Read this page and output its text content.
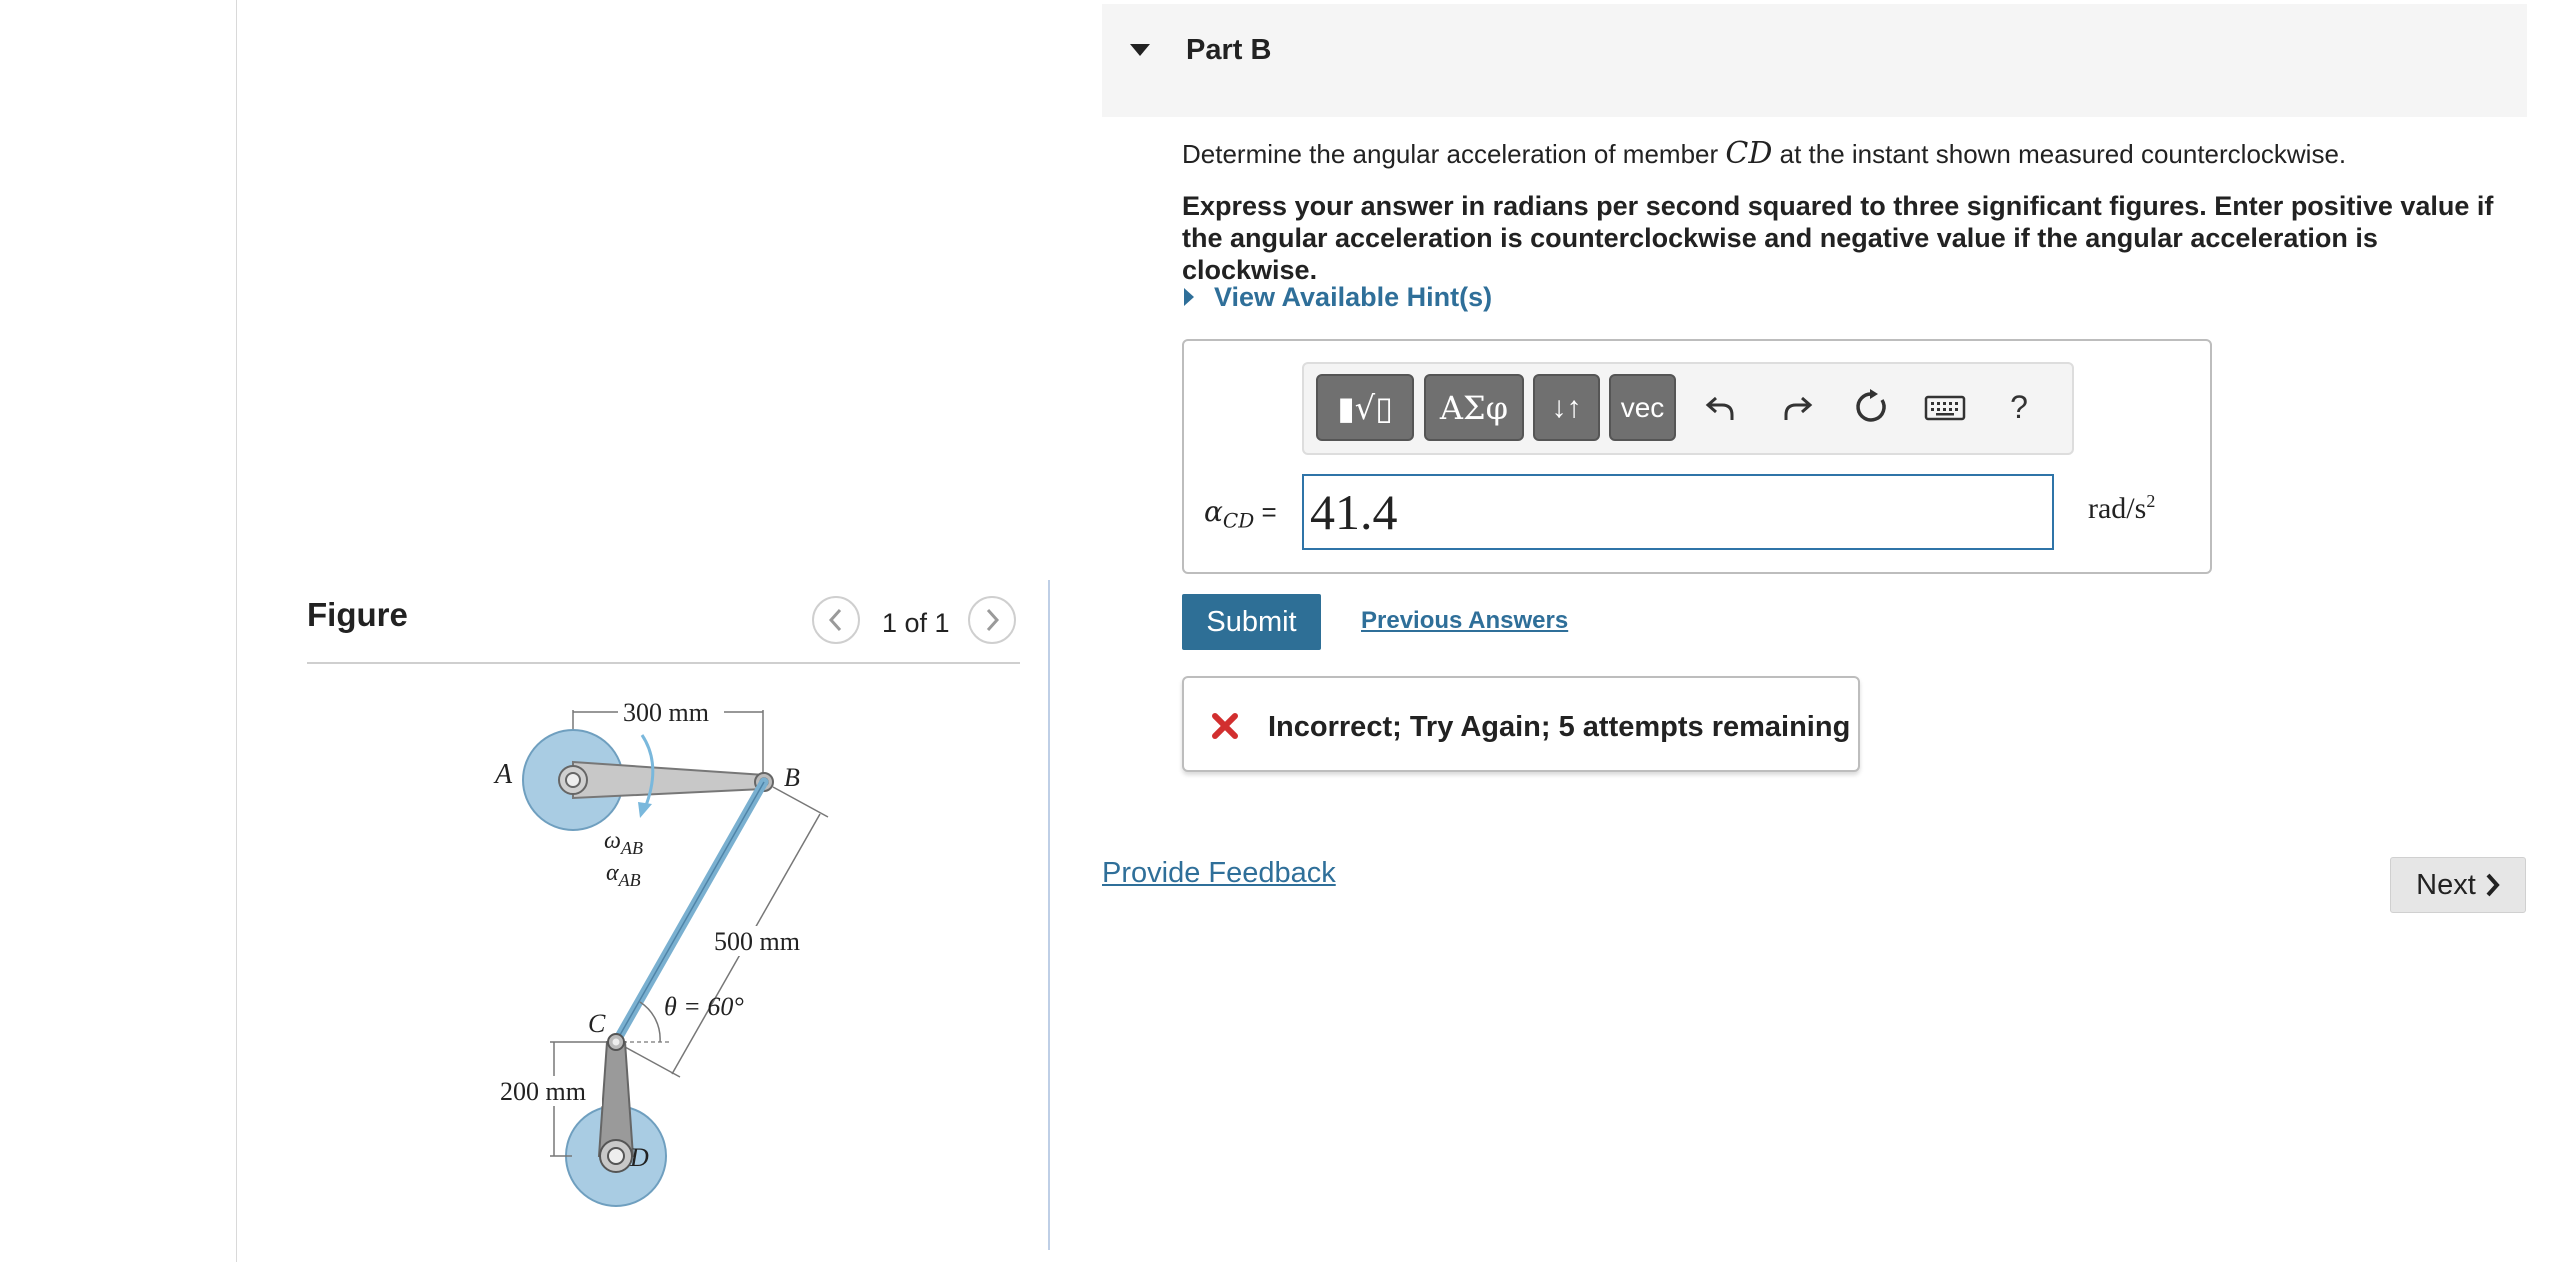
Figure	1 of 1
300 mm
A	B
$\omega_{AB}$
$\alpha_{AB}$
500 mm
θ = 60°
C
D
200 mm
Part B
Determine the angular acceleration of member CD at the instant shown measured counterclockwise.
Express your answer in radians per second squared to three significant figures. Enter positive value if the angular acceleration is counterclockwise and negative value if the angular acceleration is clockwise.
View Available Hint(s)
▮√▯	ΑΣφ	↓↑	vec	?
$\alpha_{CD}$ =
41.4	rad/$s^2$
Submit	Previous Answers
Incorrect; Try Again; 5 attempts remaining
Provide Feedback	Next
